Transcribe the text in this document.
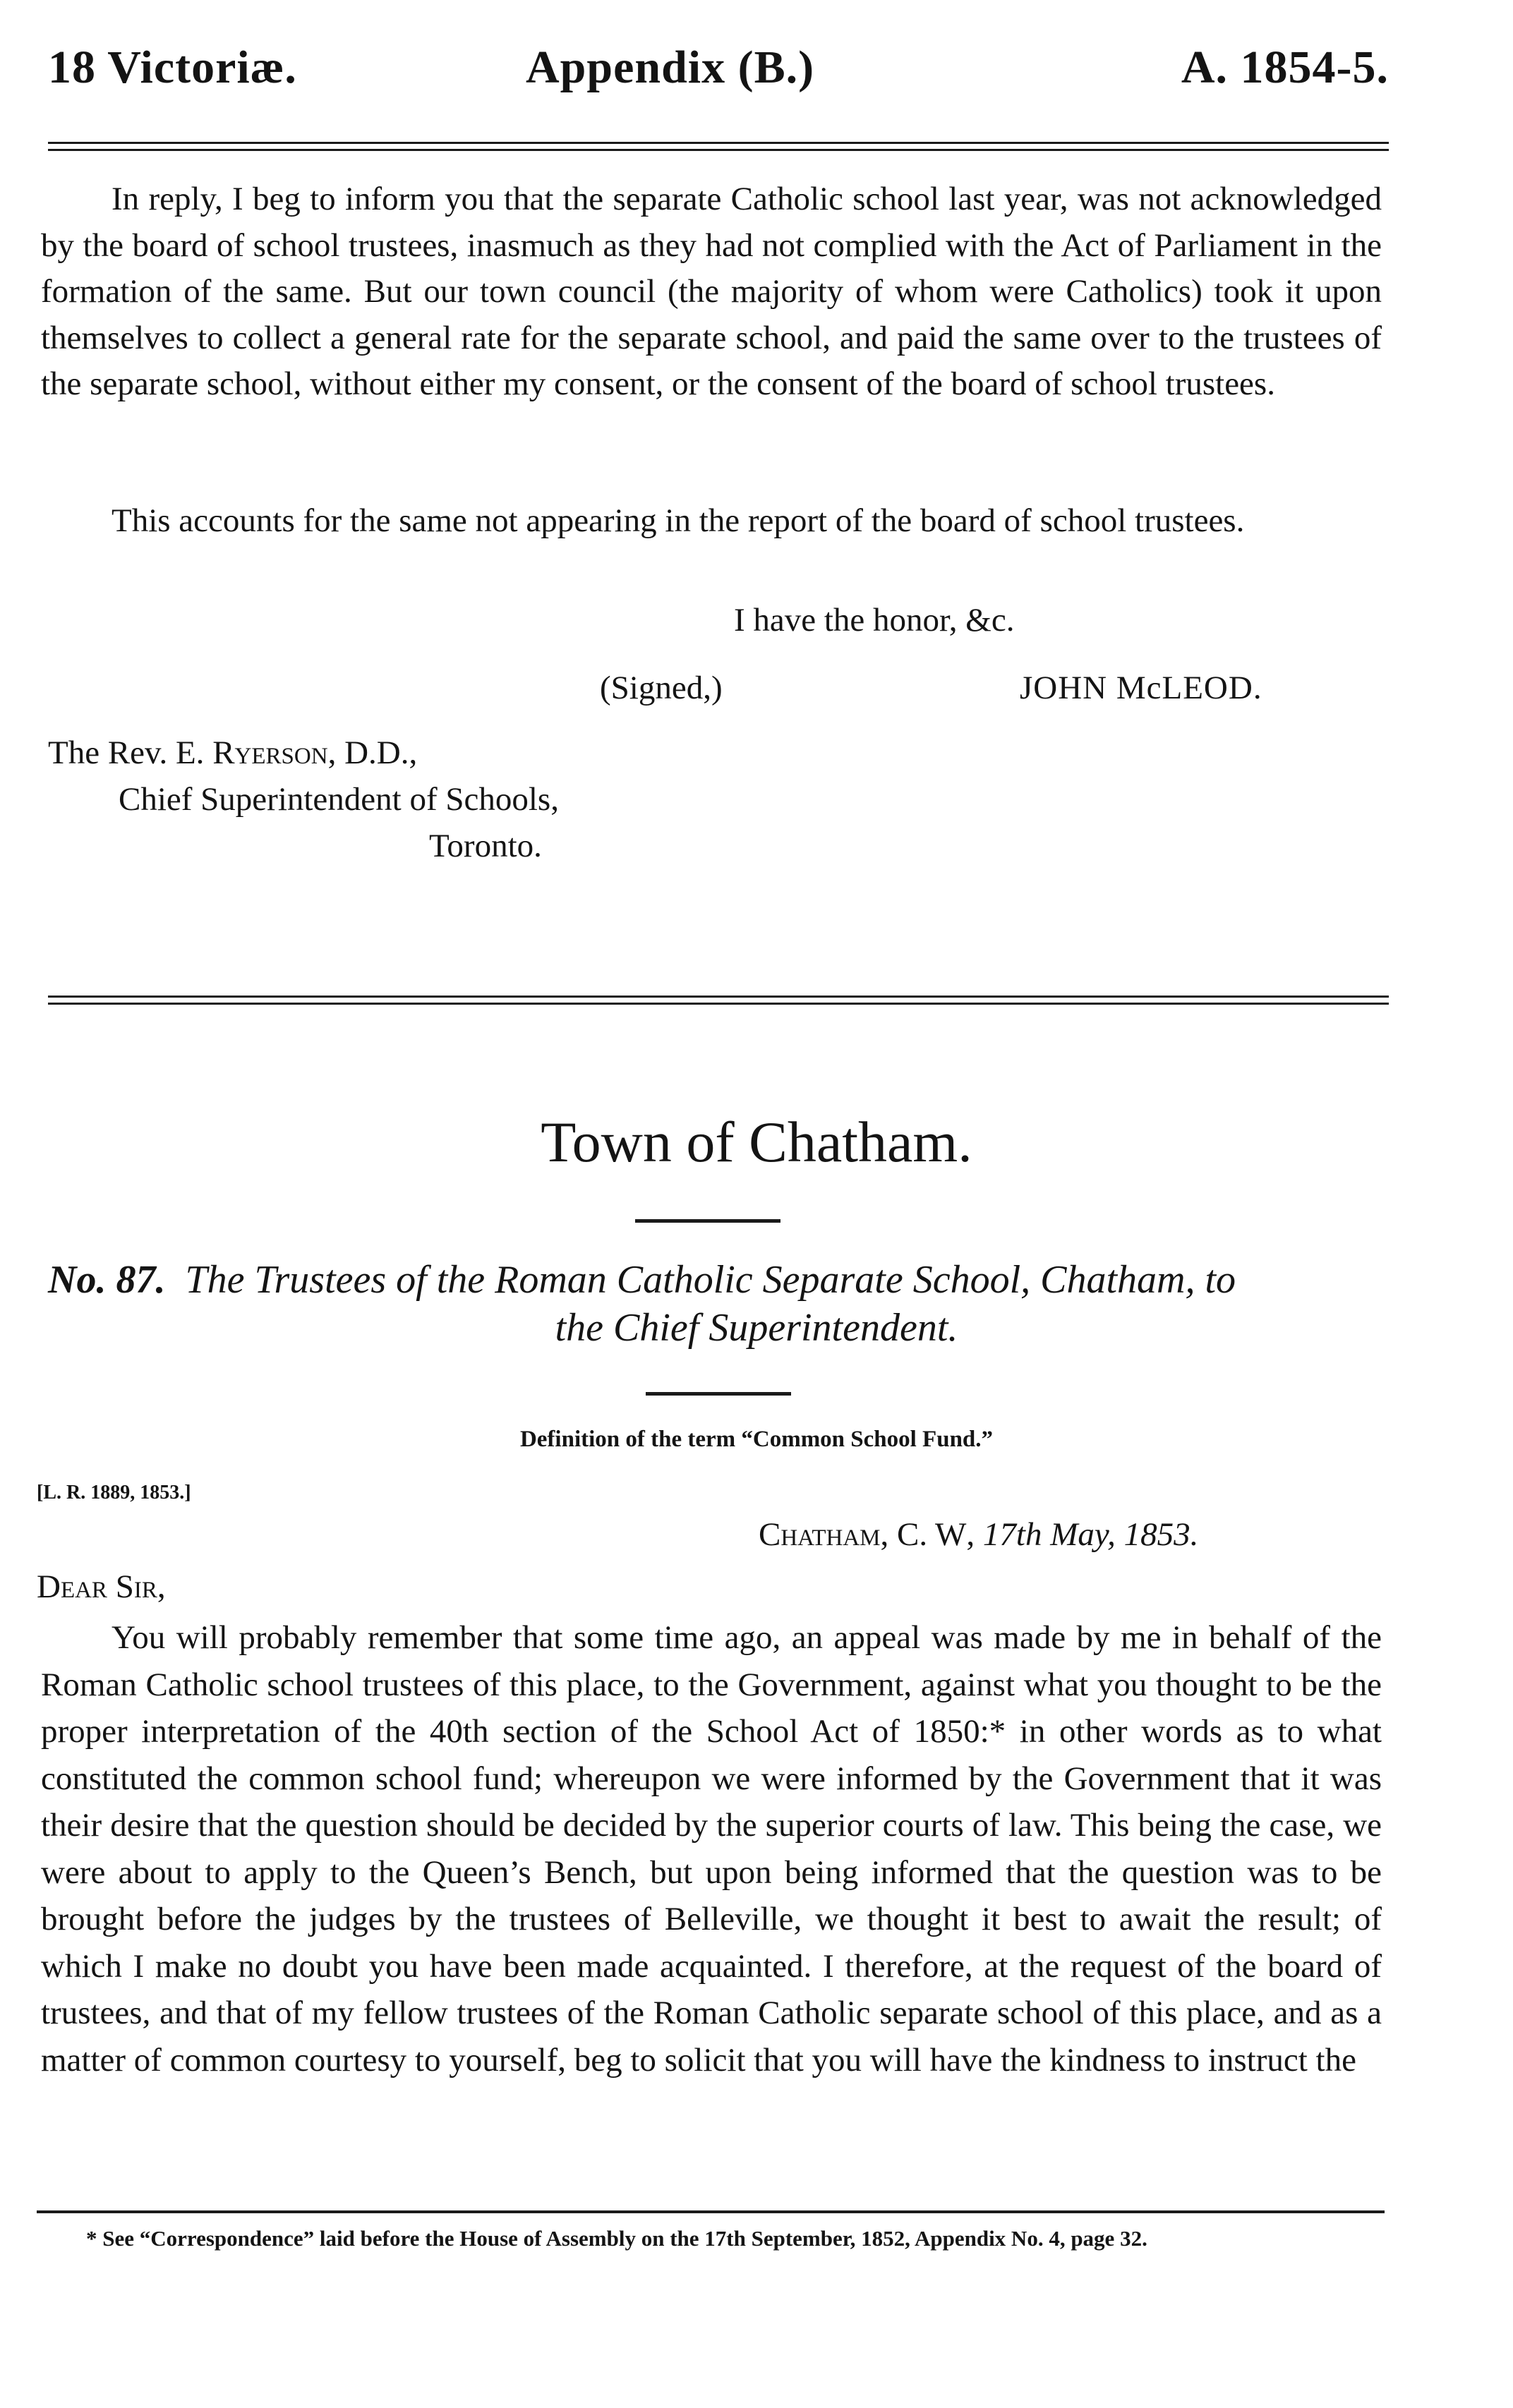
18 Victoriæ.	Appendix (B.)	A. 1854-5.

In reply, I beg to inform you that the separate Catholic school last year, was not acknowledged by the board of school trustees, inasmuch as they had not complied with the Act of Parliament in the formation of the same. But our town council (the majority of whom were Catholics) took it upon themselves to collect a general rate for the separate school, and paid the same over to the trustees of the separate school, without either my consent, or the consent of the board of school trustees.

This accounts for the same not appearing in the report of the board of school trustees.

I have the honor, &c.
(Signed,)	JOHN McLEOD.
The Rev. E. Ryerson, D.D.,
Chief Superintendent of Schools,
Toronto.
Town of Chatham.
No. 87. The Trustees of the Roman Catholic Separate School, Chatham, to
the Chief Superintendent.
Definition of the term “Common School Fund.”
[L. R. 1889, 1853.]
Chatham, C. W, 17th May, 1853.
Dear Sir,

You will probably remember that some time ago, an appeal was made by me in behalf of the Roman Catholic school trustees of this place, to the Government, against what you thought to be the proper interpretation of the 40th section of the School Act of 1850:* in other words as to what constituted the common school fund; whereupon we were informed by the Government that it was their desire that the question should be decided by the superior courts of law. This being the case, we were about to apply to the Queen’s Bench, but upon being informed that the question was to be brought before the judges by the trustees of Belleville, we thought it best to await the result; of which I make no doubt you have been made acquainted. I therefore, at the request of the board of trustees, and that of my fellow trustees of the Roman Catholic separate school of this place, and as a matter of common courtesy to yourself, beg to solicit that you will have the kindness to instruct the

* See “Correspondence” laid before the House of Assembly on the 17th September, 1852, Appendix No. 4, page 32.
